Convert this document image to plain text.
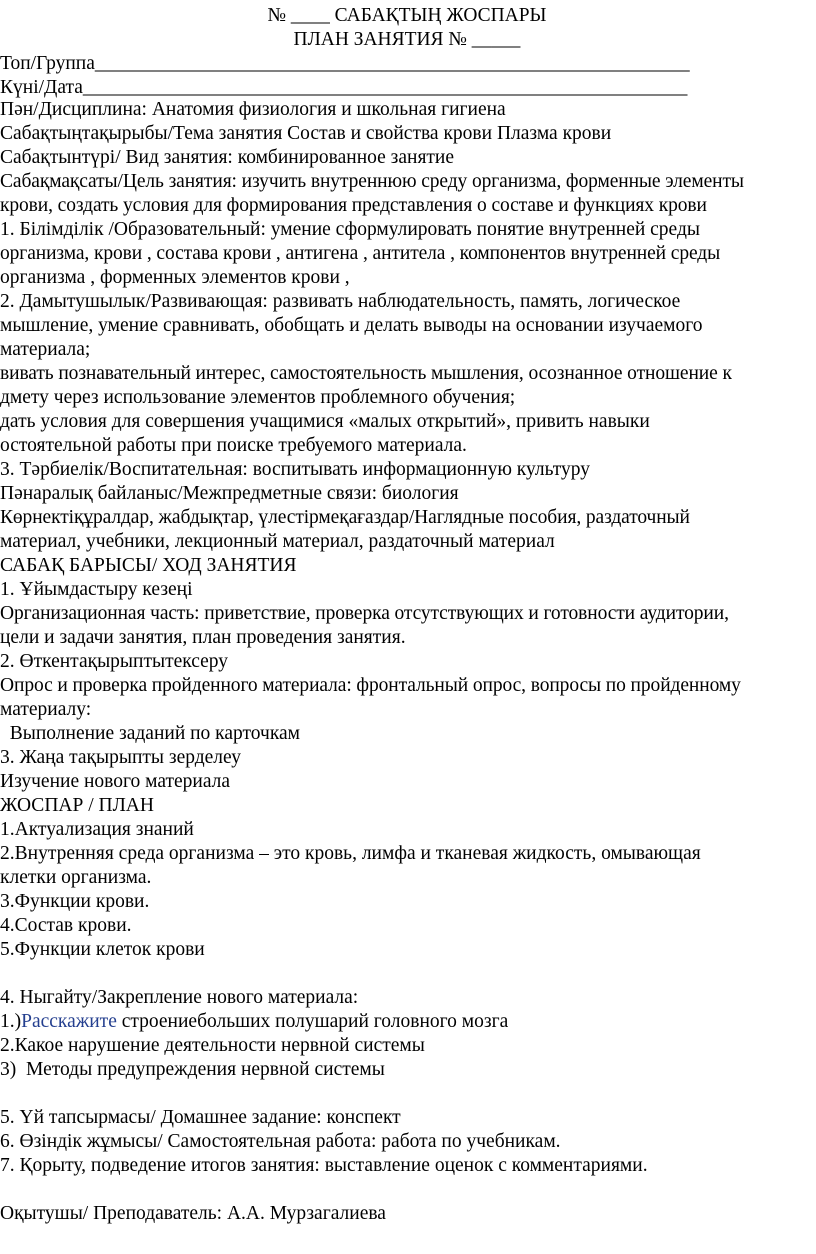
№ ____ САБАҚТЫҢ ЖОСПАРЫ
ПЛАН ЗАНЯТИЯ № _____
Топ/Группа_____________________________________________________________
Күні/Дата______________________________________________________________
Пән/Дисциплина: Анатомия физиология и школьная гигиена
Сабақтыңтақырыбы/Тема занятия Состав и свойства крови Плазма крови
Сабақтынтүрі/ Вид занятия: комбинированное занятие
Сабақмақсаты/Цель занятия: изучить внутреннюю среду организма, форменные элементы
крови, создать условия для формирования представления о составе и функциях крови
1. Білімділік /Образовательный: умение сформулировать понятие внутренней среды
организма, крови , состава крови , антигена , антитела , компонентов внутренней среды
организма , форменных элементов крови ,
2. Дамытушылык/Развивающая: развивать наблюдательность, память, логическое
мышление, умение сравнивать, обобщать и делать выводы на основании изучаемого
материала;
вивать познавательный интерес, самостоятельность мышления, осознанное отношение к
дмету через использование элементов проблемного обучения;
дать условия для совершения учащимися «малых открытий», привить навыки
остоятельной работы при поиске требуемого материала.
3. Тәрбиелік/Воспитательная: воспитывать информационную культуру
Пәнаралық байланыс/Межпредметные связи: биология
Көрнектіқұралдар, жабдықтар, үлестірмеқағаздар/Наглядные пособия, раздаточный
материал, учебники, лекционный материал, раздаточный материал
САБАҚ БАРЫСЫ/ ХОД ЗАНЯТИЯ
1. Ұйымдастыру кезеңі
Организационная часть: приветствие, проверка отсутствующих и готовности аудитории,
цели и задачи занятия, план проведения занятия.
2. Өткентақырыптытексеру
Опрос и проверка пройденного материала: фронтальный опрос, вопросы по пройденному
материалу:
Выполнение заданий по карточкам
3. Жаңа тақырыпты зерделеу
Изучение нового материала
ЖОСПАР / ПЛАН
1.Актуализация знаний
2.Внутренняя среда организма – это кровь, лимфа и тканевая жидкость, омывающая
клетки организма.
3.Функции крови.
4.Состав крови.
5.Функции клеток крови
4. Ныгайту/Закрепление нового материала:
1.)Расскажите строениебольших полушарий головного мозга
2.Какое нарушение деятельности нервной системы
3)  Методы предупреждения нервной системы
5. Үй тапсырмасы/ Домашнее задание: конспект
6. Өзіндік жұмысы/ Самостоятельная работа: работа по учебникам.
7. Қорыту, подведение итогов занятия: выставление оценок с комментариями.
Оқытушы/ Преподаватель: А.А. Мурзагалиева
